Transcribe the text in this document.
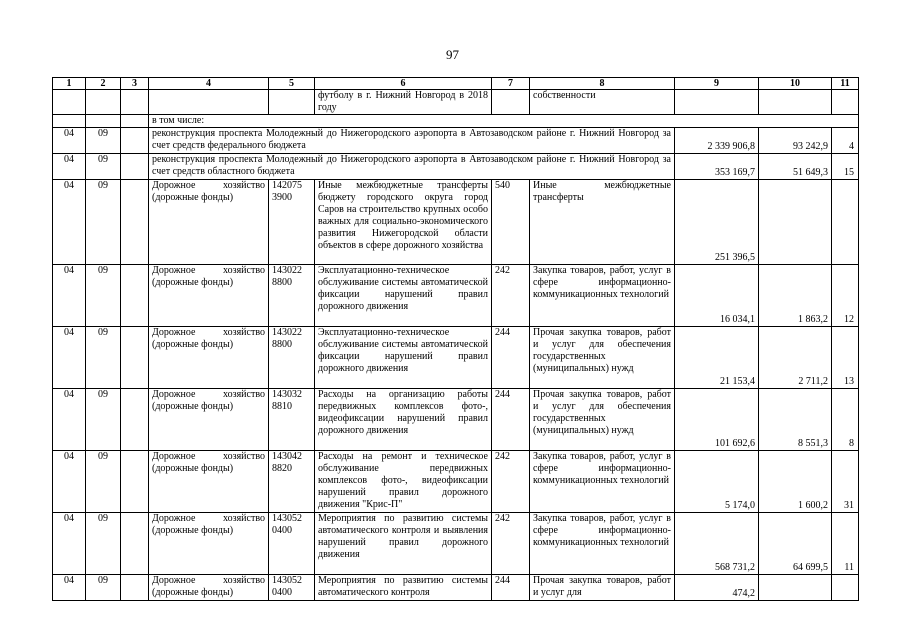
97
1	2	3	4	5	6	7	8	9	10	11
					футболу в г. Нижний Новгород в 2018 году		собственности			
			в том числе:							
04	09		реконструкция проспекта Молодежный до Нижегородского аэропорта в Автозаводском районе г. Нижний Новгород за счет средств федерального бюджета					2 339 906,8	93 242,9	4
04	09		реконструкция проспекта Молодежный до Нижегородского аэропорта в Автозаводском районе г. Нижний Новгород за счет средств областного бюджета					353 169,7	51 649,3	15
04	09		Дорожное хозяйство (дорожные фонды)	142075 3900	Иные межбюджетные трансферты бюджету городского округа город Саров на строительство крупных особо важных для социально-экономического развития Нижегородской области объектов в сфере дорожного хозяйства	540	Иные межбюджетные трансферты	251 396,5		
04	09		Дорожное хозяйство (дорожные фонды)	143022 8800	Эксплуатационно-техническое обслуживание системы автоматической фиксации нарушений правил дорожного движения	242	Закупка товаров, работ, услуг в сфере информационно-коммуникационных технологий	16 034,1	1 863,2	12
04	09		Дорожное хозяйство (дорожные фонды)	143022 8800	Эксплуатационно-техническое обслуживание системы автоматической фиксации нарушений правил дорожного движения	244	Прочая закупка товаров, работ и услуг для обеспечения государственных (муниципальных) нужд	21 153,4	2 711,2	13
04	09		Дорожное хозяйство (дорожные фонды)	143032 8810	Расходы на организацию работы передвижных комплексов фото-, видеофиксации нарушений правил дорожного движения	244	Прочая закупка товаров, работ и услуг для обеспечения государственных (муниципальных) нужд	101 692,6	8 551,3	8
04	09		Дорожное хозяйство (дорожные фонды)	143042 8820	Расходы на ремонт и техническое обслуживание передвижных комплексов фото-, видеофиксации нарушений правил дорожного движения "Крис-П"	242	Закупка товаров, работ, услуг в сфере информационно-коммуникационных технологий	5 174,0	1 600,2	31
04	09		Дорожное хозяйство (дорожные фонды)	143052 0400	Мероприятия по развитию системы автоматического контроля и выявления нарушений правил дорожного движения	242	Закупка товаров, работ, услуг в сфере информационно-коммуникационных технологий	568 731,2	64 699,5	11
04	09		Дорожное хозяйство (дорожные фонды)	143052 0400	Мероприятия по развитию системы автоматического контроля	244	Прочая закупка товаров, работ и услуг для	474,2		
